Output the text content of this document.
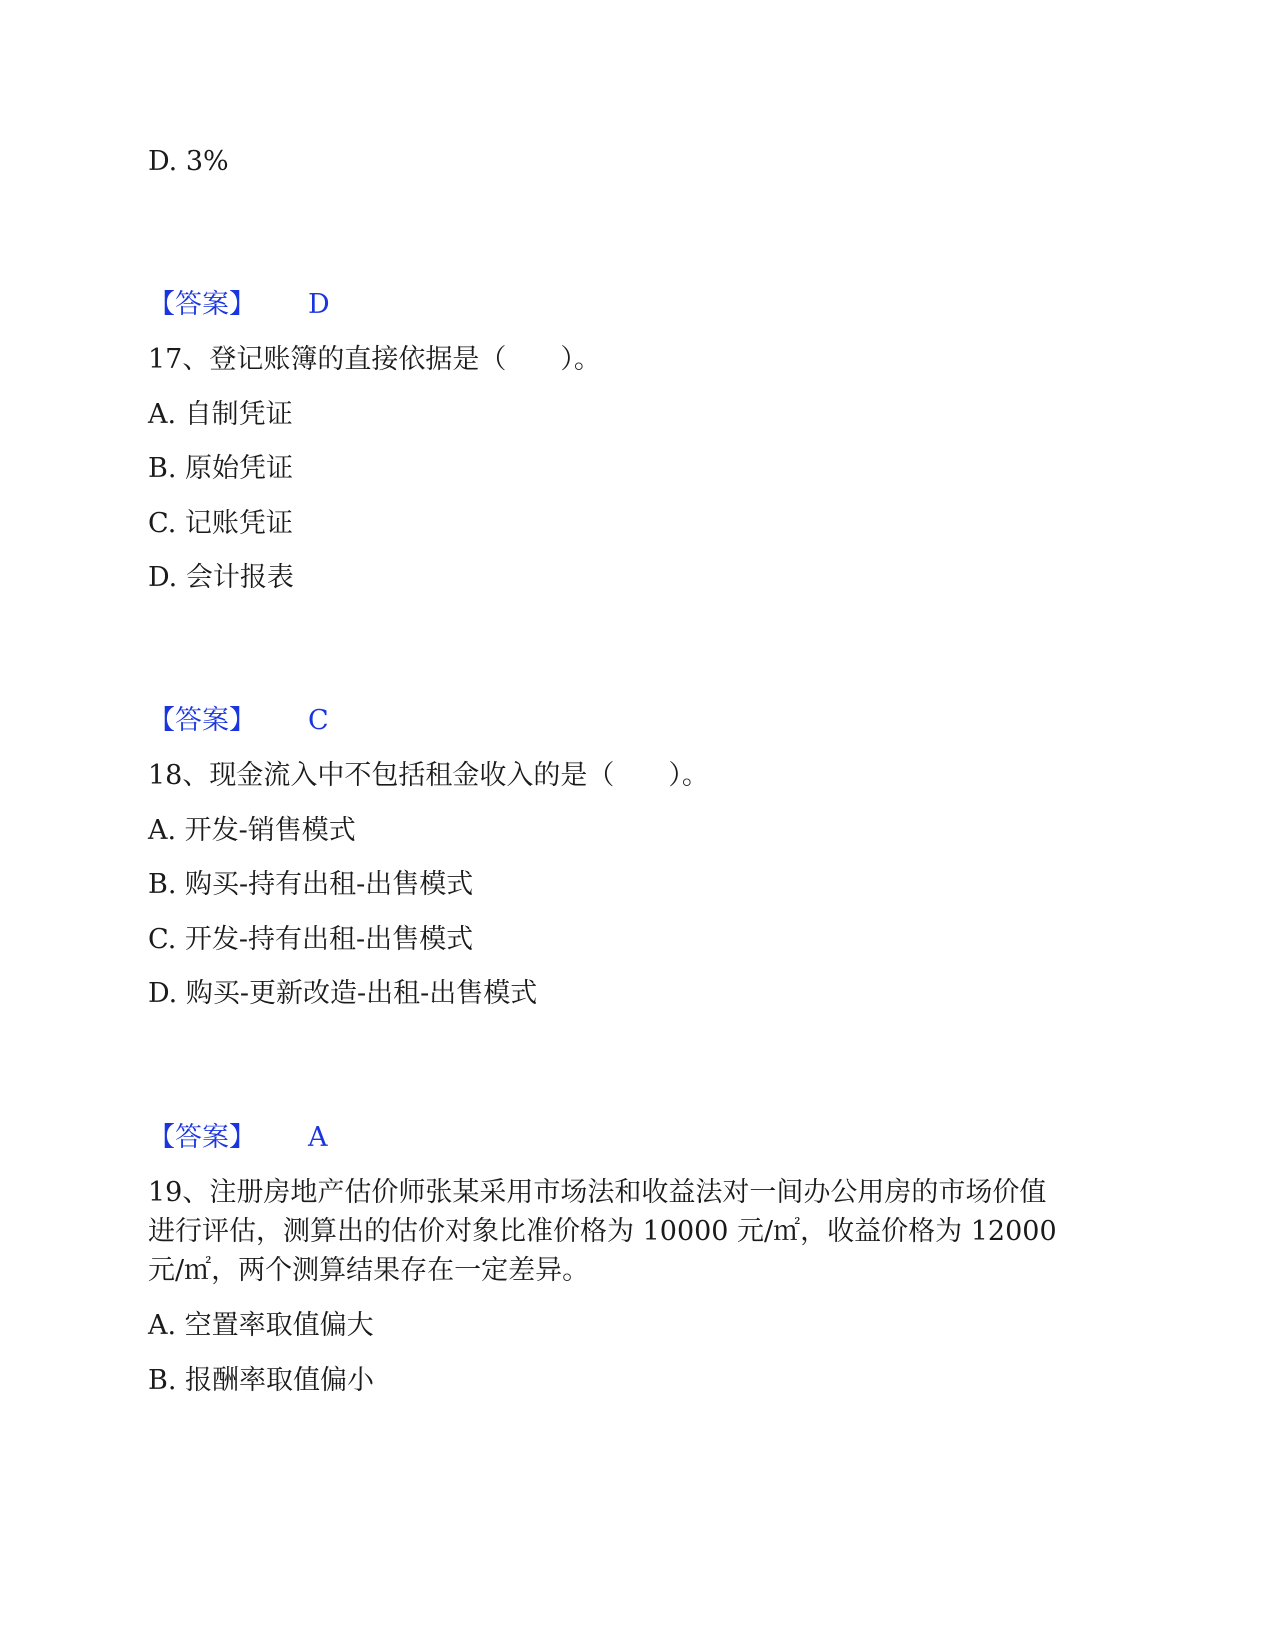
D. 3%
【答案】 D
17、登记账簿的直接依据是（　　）。
A. 自制凭证
B. 原始凭证
C. 记账凭证
D. 会计报表
【答案】 C
18、现金流入中不包括租金收入的是（　　）。
A. 开发-销售模式
B. 购买-持有出租-出售模式
C. 开发-持有出租-出售模式
D. 购买-更新改造-出租-出售模式
【答案】 A
19、注册房地产估价师张某采用市场法和收益法对一间办公用房的市场价值
进行评估，测算出的估价对象比准价格为 10000 元/㎡，收益价格为 12000
元/㎡，两个测算结果存在一定差异。
A. 空置率取值偏大
B. 报酬率取值偏小
